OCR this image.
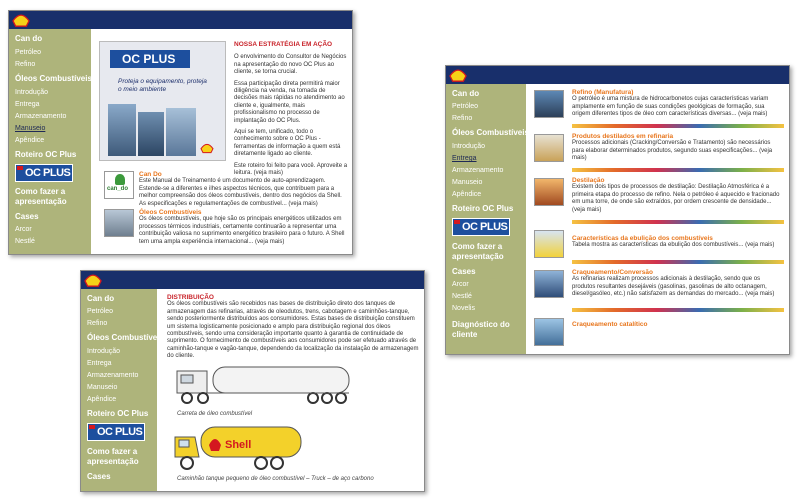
Can do
Petróleo
Refino
Óleos Combustíveis
Introdução
Entrega
Armazenamento
Manuseio
Apêndice
Roteiro OC Plus
OC PLUS
Como fazer a apresentação
Cases
Arcor
Nestlé
OC PLUS
Proteja o equipamento, proteja o meio ambiente
NOSSA ESTRATÉGIA EM AÇÃO
O envolvimento do Consultor de Negócios na apresentação do novo OC Plus ao cliente, se torna crucial.
Essa participação direta permitirá maior diligência na venda, na tomada de decisões mais rápidas no atendimento ao cliente e, igualmente, mais profissionalismo no processo de implantação do OC Plus.
Aqui se tem, unificado, todo o conhecimento sobre o OC Plus - ferramentas de informação a quem está diretamente ligado ao cliente.
Este roteiro foi feito para você. Aproveite a leitura. (veja mais)
can_do
Can Do
Este Manual de Treinamento é um documento de auto-aprendizagem. Estende-se a diferentes e ilhes aspectos técnicos, que contribuem para a melhor compreensão dos óleos combustíveis, dentro dos negócios da Shell. As especificações e regulamentações de combustível... (veja mais)
Óleos Combustíveis
Os óleos combustíveis, que hoje são os principais energéticos utilizados em processos térmicos industriais, certamente continuarão a representar uma contribuição valiosa no suprimento energético brasileiro para o futuro. A Shell tem uma ampla experiência internacional... (veja mais)
Can do
Petróleo
Refino
Óleos Combustíveis
Introdução
Entrega
Armazenamento
Manuseio
Apêndice
Roteiro OC Plus
OC PLUS
Como fazer a apresentação
Cases
Arcor
Nestlé
Novelis
Diagnóstico do cliente
Refino (Manufatura)
O petróleo é uma mistura de hidrocarbonetos cujas características variam amplamente em função de suas condições geológicas de formação, sua origem diferentes tipos de óleo com características diversas... (veja mais)
Produtos destilados em refinaria
Processos adicionais (Cracking/Conversão e Tratamento) são necessários para elaborar determinados produtos, segundo suas especificações... (veja mais)
Destilação
Existem dois tipos de processos de destilação: Destilação Atmosférica é a primeira etapa do processo de refino. Nela o petróleo é aquecido e fracionado em uma torre, de onde são extraídos, por ordem crescente de densidade... (veja mais)
Características da ebulição dos combustíveis
Tabela mostra as características da ebulição dos combustíveis... (veja mais)
Craqueamento/Conversão
As refinarias realizam processos adicionais à destilação, sendo que os produtos resultantes desejáveis (gasolinas, gasolinas de alto octanagem, diesel/gasóleo, etc.) não satisfazem as demandas do mercado... (veja mais)
Craqueamento catalítico
Can do
Petróleo
Refino
Óleos Combustíveis
Introdução
Entrega
Armazenamento
Manuseio
Apêndice
Roteiro OC Plus
OC PLUS
Como fazer a apresentação
Cases
DISTRIBUIÇÃO
Os óleos combustíveis são recebidos nas bases de distribuição direto dos tanques de armazenagem das refinarias, através de oleodutos, trens, cabotagem e caminhões-tanque, sendo posteriormente distribuídos aos consumidores. Estas bases de distribuição constituem um sistema logisticamente posicionado e amplo para distribuição regional dos óleos combustíveis, sendo uma consideração importante quanto à garantia de continuidade de suprimento. O fornecimento de combustíveis aos consumidores pode ser efetuado através de caminhão-tanque e vagão-tanque, dependendo da localização da instalação de armazenagem do cliente.
Carreta de óleo combustível
Shell
Caminhão tanque pequeno de óleo combustível – Truck – de aço carbono
